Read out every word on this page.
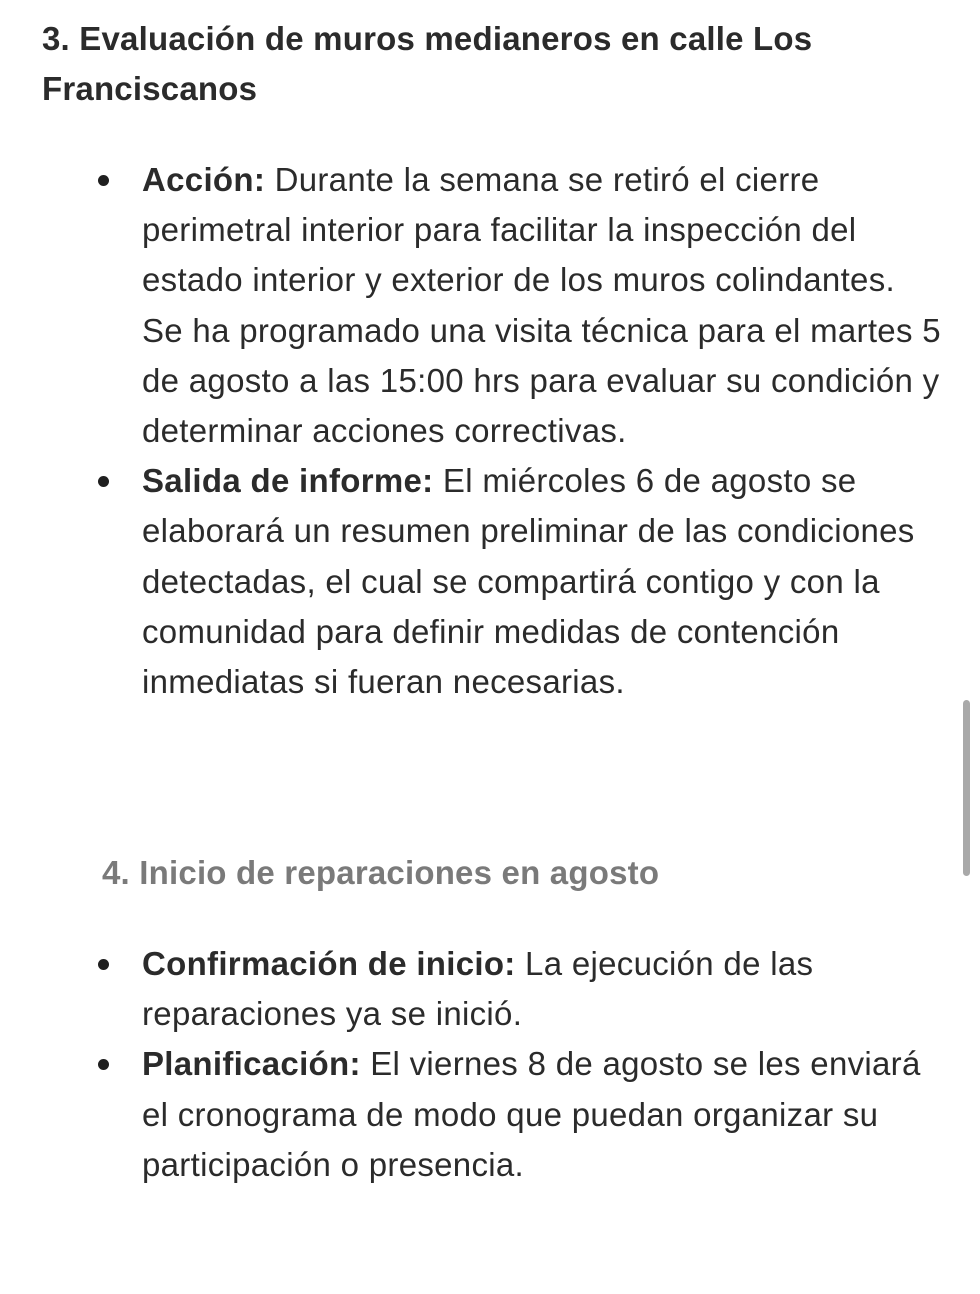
3. Evaluación de muros medianeros en calle Los Franciscanos
Acción: Durante la semana se retiró el cierre perimetral interior para facilitar la inspección del estado interior y exterior de los muros colindantes. Se ha programado una visita técnica para el martes 5 de agosto a las 15:00 hrs para evaluar su condición y determinar acciones correctivas.
Salida de informe: El miércoles 6 de agosto se elaborará un resumen preliminar de las condiciones detectadas, el cual se compartirá contigo y con la comunidad para definir medidas de contención inmediatas si fueran necesarias.
4. Inicio de reparaciones en agosto
Confirmación de inicio: La ejecución de las reparaciones ya se inició.
Planificación: El viernes 8 de agosto se les enviará el cronograma de modo que puedan organizar su participación o presencia.
